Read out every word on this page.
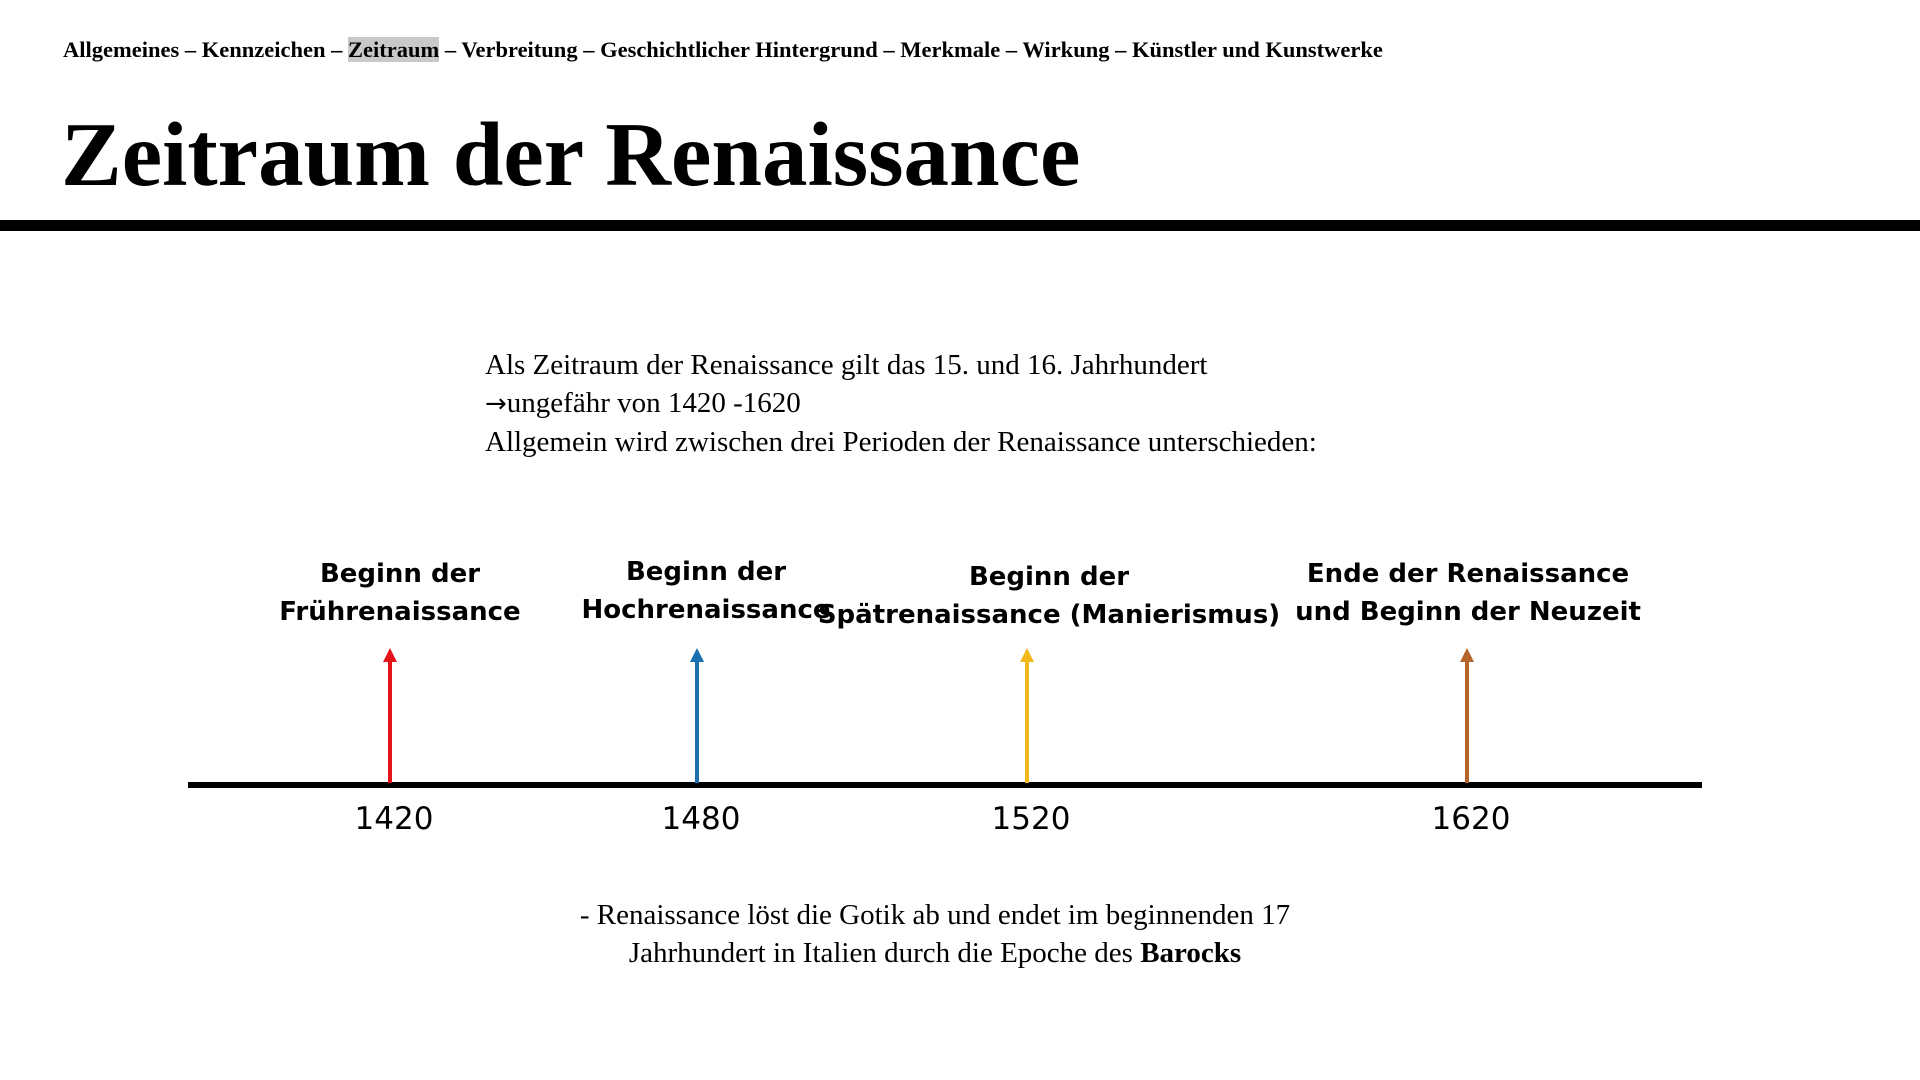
Allgemeines – Kennzeichen – Zeitraum – Verbreitung – Geschichtlicher Hintergrund – Merkmale – Wirkung – Künstler und Kunstwerke
Zeitraum der Renaissance
Als Zeitraum der Renaissance gilt das 15. und 16. Jahrhundert
→ungefähr von 1420 -1620
Allgemein wird zwischen drei Perioden der Renaissance unterschieden:
Beginn der
Frührenaissance
1420
Beginn der
Hochrenaissance
1480
Beginn der
Spätrenaissance (Manierismus)
1520
Ende der Renaissance
und Beginn der Neuzeit
1620
- Renaissance löst die Gotik ab und endet im beginnenden 17
Jahrhundert in Italien durch die Epoche des Barocks
